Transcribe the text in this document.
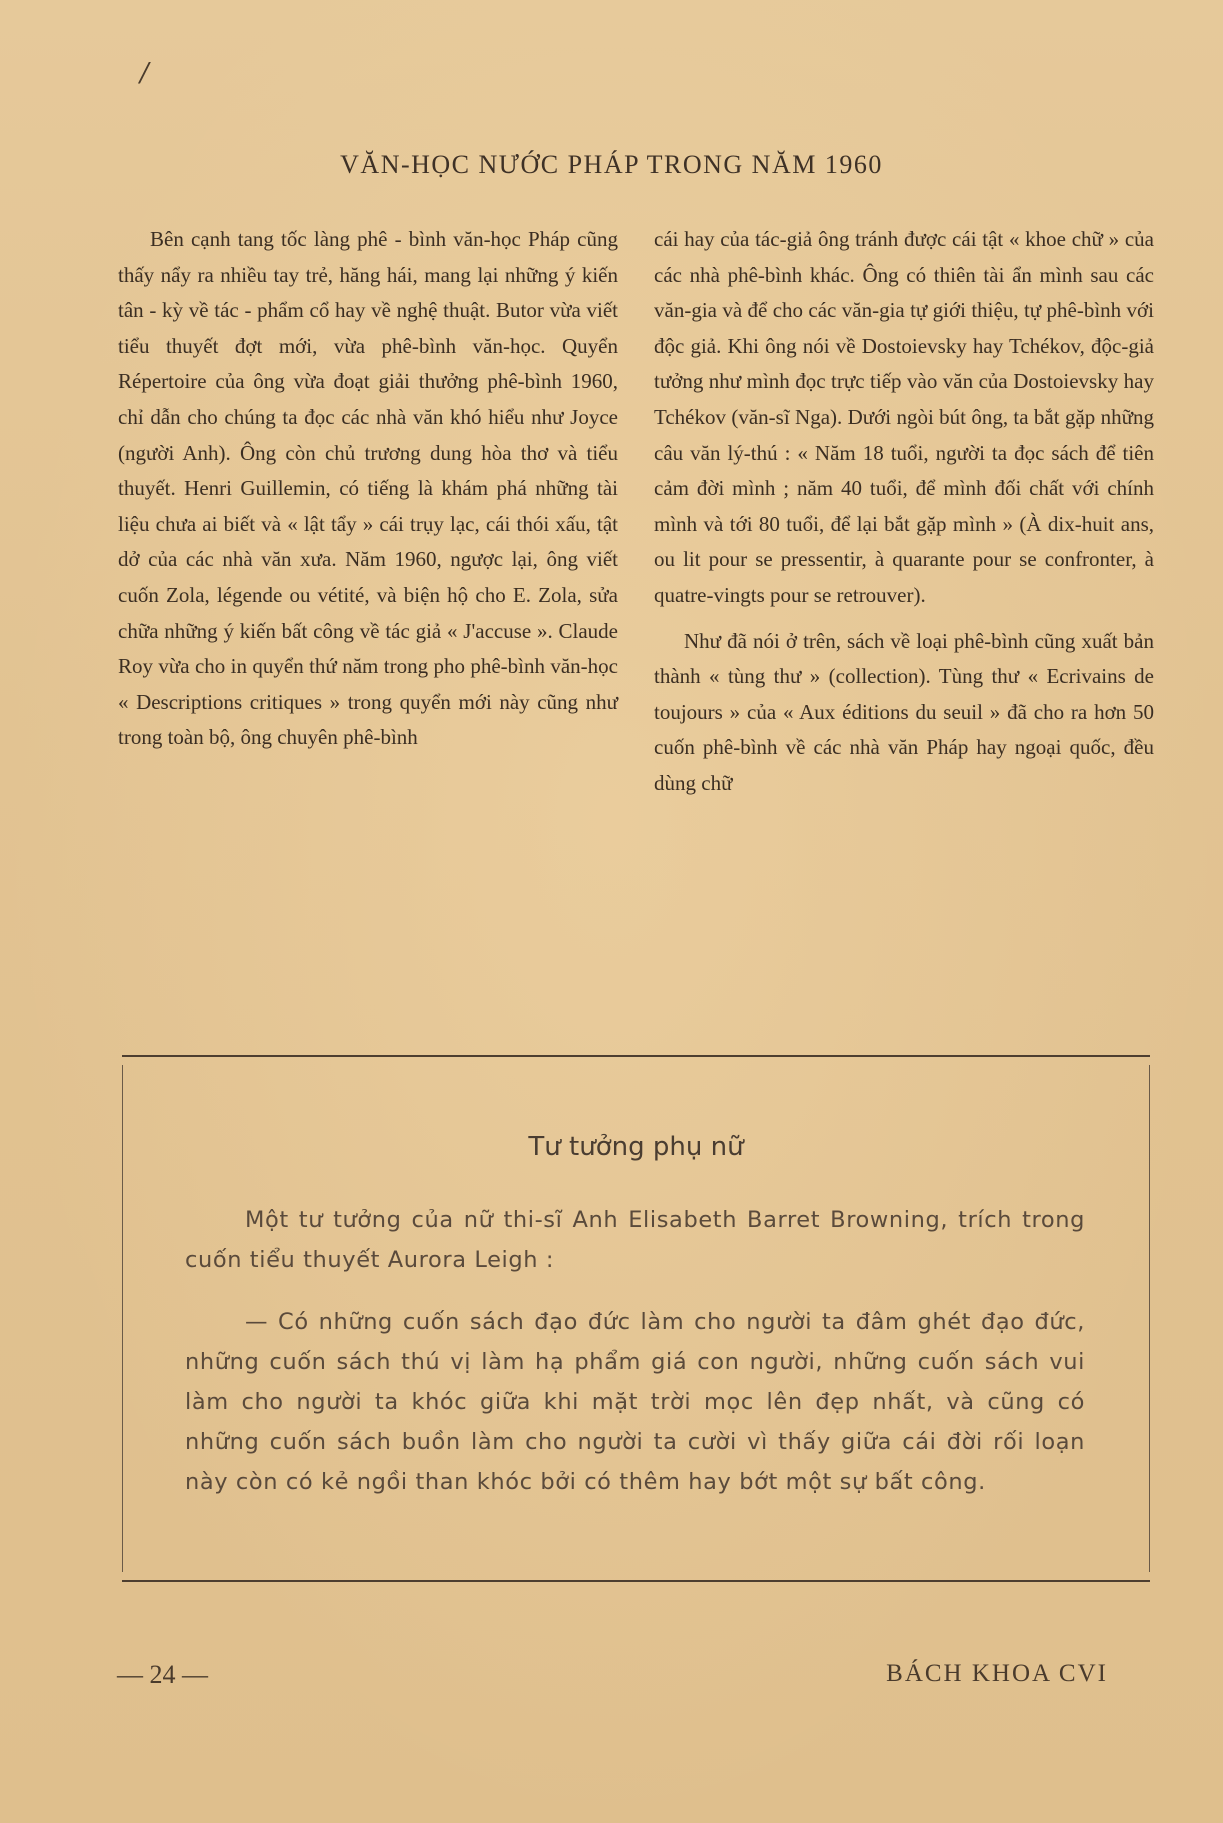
/
VĂN-HỌC NƯỚC PHÁP TRONG NĂM 1960

Bên cạnh tang tốc làng phê - bình văn-học Pháp cũng thấy nẩy ra nhiều tay trẻ, hăng hái, mang lại những ý kiến tân - kỳ về tác - phẩm cổ hay về nghệ thuật. Butor vừa viết tiểu thuyết đợt mới, vừa phê-bình văn-học. Quyển Répertoire của ông vừa đoạt giải thưởng phê-bình 1960, chỉ dẫn cho chúng ta đọc các nhà văn khó hiểu như Joyce (người Anh). Ông còn chủ trương dung hòa thơ và tiểu thuyết. Henri Guillemin, có tiếng là khám phá những tài liệu chưa ai biết và « lật tẩy » cái trụy lạc, cái thói xấu, tật dở của các nhà văn xưa. Năm 1960, ngược lại, ông viết cuốn Zola, légende ou vétité, và biện hộ cho E. Zola, sửa chữa những ý kiến bất công về tác giả « J'accuse ». Claude Roy vừa cho in quyển thứ năm trong pho phê-bình văn-học « Descriptions critiques » trong quyển mới này cũng như trong toàn bộ, ông chuyên phê-bình

cái hay của tác-giả ông tránh được cái tật « khoe chữ » của các nhà phê-bình khác. Ông có thiên tài ẩn mình sau các văn-gia và để cho các văn-gia tự giới thiệu, tự phê-bình với độc giả. Khi ông nói về Dostoievsky hay Tchékov, độc-giả tưởng như mình đọc trực tiếp vào văn của Dostoievsky hay Tchékov (văn-sĩ Nga). Dưới ngòi bút ông, ta bắt gặp những câu văn lý-thú : « Năm 18 tuổi, người ta đọc sách để tiên cảm đời mình ; năm 40 tuổi, để mình đối chất với chính mình và tới 80 tuổi, để lại bắt gặp mình » (À dix-huit ans, ou lit pour se pressentir, à quarante pour se confronter, à quatre-vingts pour se retrouver).

Như đã nói ở trên, sách về loại phê-bình cũng xuất bản thành « tùng thư » (collection). Tùng thư « Ecrivains de toujours » của « Aux éditions du seuil » đã cho ra hơn 50 cuốn phê-bình về các nhà văn Pháp hay ngoại quốc, đều dùng chữ

Tư tưởng phụ nữ

Một tư tưởng của nữ thi-sĩ Anh Elisabeth Barret Browning, trích trong cuốn tiểu thuyết Aurora Leigh :

— Có những cuốn sách đạo đức làm cho người ta đâm ghét đạo đức, những cuốn sách thú vị làm hạ phẩm giá con người, những cuốn sách vui làm cho người ta khóc giữa khi mặt trời mọc lên đẹp nhất, và cũng có những cuốn sách buồn làm cho người ta cười vì thấy giữa cái đời rối loạn này còn có kẻ ngồi than khóc bởi có thêm hay bớt một sự bất công.

— 24 —	BÁCH KHOA CVI
